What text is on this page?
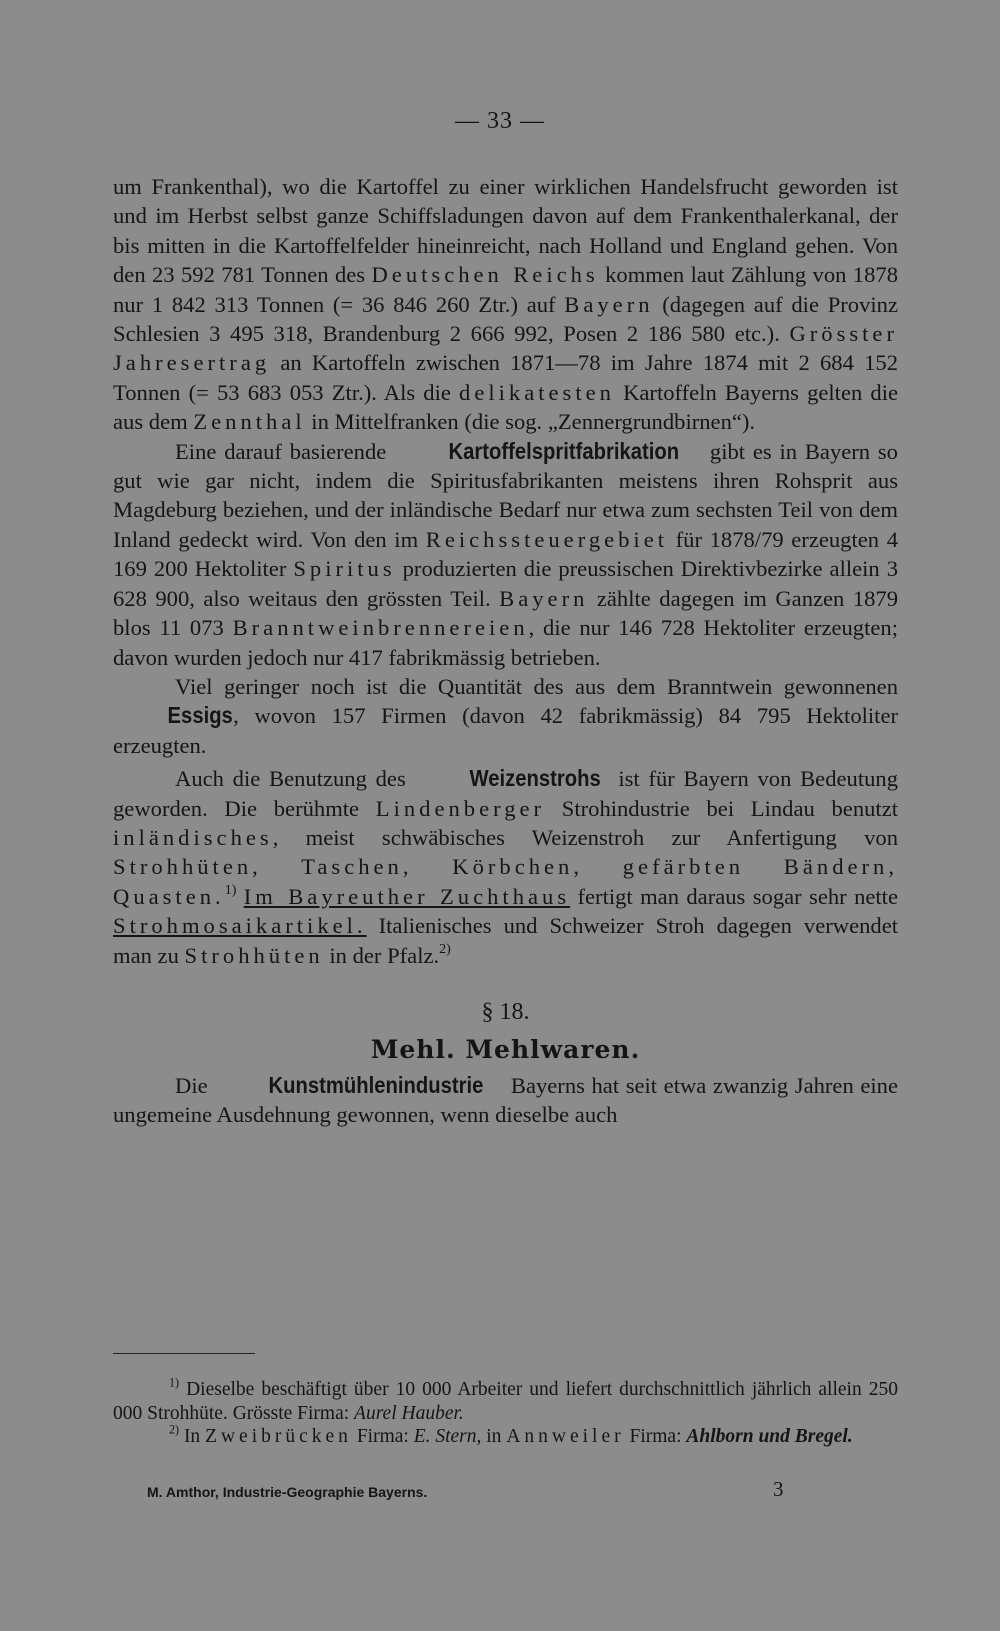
— 33 —

um Frankenthal), wo die Kartoffel zu einer wirklichen Handelsfrucht geworden ist und im Herbst selbst ganze Schiffsladungen davon auf dem Frankenthalerkanal, der bis mitten in die Kartoffelfelder hineinreicht, nach Holland und England gehen. Von den 23 592 781 Tonnen des Deutschen Reichs kommen laut Zählung von 1878 nur 1 842 313 Tonnen (= 36 846 260 Ztr.) auf Bayern (dagegen auf die Provinz Schlesien 3 495 318, Brandenburg 2 666 992, Posen 2 186 580 etc.). Grösster Jahresertrag an Kartoffeln zwischen 1871—78 im Jahre 1874 mit 2 684 152 Tonnen (= 53 683 053 Ztr.). Als die delikatesten Kartoffeln Bayerns gelten die aus dem Zennthal in Mittelfranken (die sog. „Zennergrundbirnen“).

Eine darauf basierende Kartoffelspritfabrikation gibt es in Bayern so gut wie gar nicht, indem die Spiritusfabrikanten meistens ihren Rohsprit aus Magdeburg beziehen, und der inländische Bedarf nur etwa zum sechsten Teil von dem Inland gedeckt wird. Von den im Reichssteuergebiet für 1878/79 erzeugten 4 169 200 Hektoliter Spiritus produzierten die preussischen Direktivbezirke allein 3 628 900, also weitaus den grössten Teil. Bayern zählte dagegen im Ganzen 1879 blos 11 073 Branntweinbrennereien, die nur 146 728 Hektoliter erzeugten; davon wurden jedoch nur 417 fabrikmässig betrieben.

Viel geringer noch ist die Quantität des aus dem Branntwein gewonnenen Essigs, wovon 157 Firmen (davon 42 fabrikmässig) 84 795 Hektoliter erzeugten.

Auch die Benutzung des Weizenstrohs ist für Bayern von Bedeutung geworden. Die berühmte Lindenberger Strohindustrie bei Lindau benutzt inländisches, meist schwäbisches Weizenstroh zur Anfertigung von Strohhüten, Taschen, Körbchen, gefärbten Bändern, Quasten.$^{1)}$ Im Bayreuther Zuchthaus fertigt man daraus sogar sehr nette Strohmosaikartikel. Italienisches und Schweizer Stroh dagegen verwendet man zu Strohhüten in der Pfalz.$^{2)}$

§ 18.
Mehl. Mehlwaren.

Die Kunstmühlenindustrie Bayerns hat seit etwa zwanzig Jahren eine ungemeine Ausdehnung gewonnen, wenn dieselbe auch

$^{1)}$ Dieselbe beschäftigt über 10 000 Arbeiter und liefert durchschnittlich jährlich allein 250 000 Strohhüte. Grösste Firma: Aurel Hauber.

$^{2)}$ In Zweibrücken Firma: E. Stern, in Annweiler Firma: Ahlborn und Bregel.

M. Amthor, Industrie-Geographie Bayerns.	3
